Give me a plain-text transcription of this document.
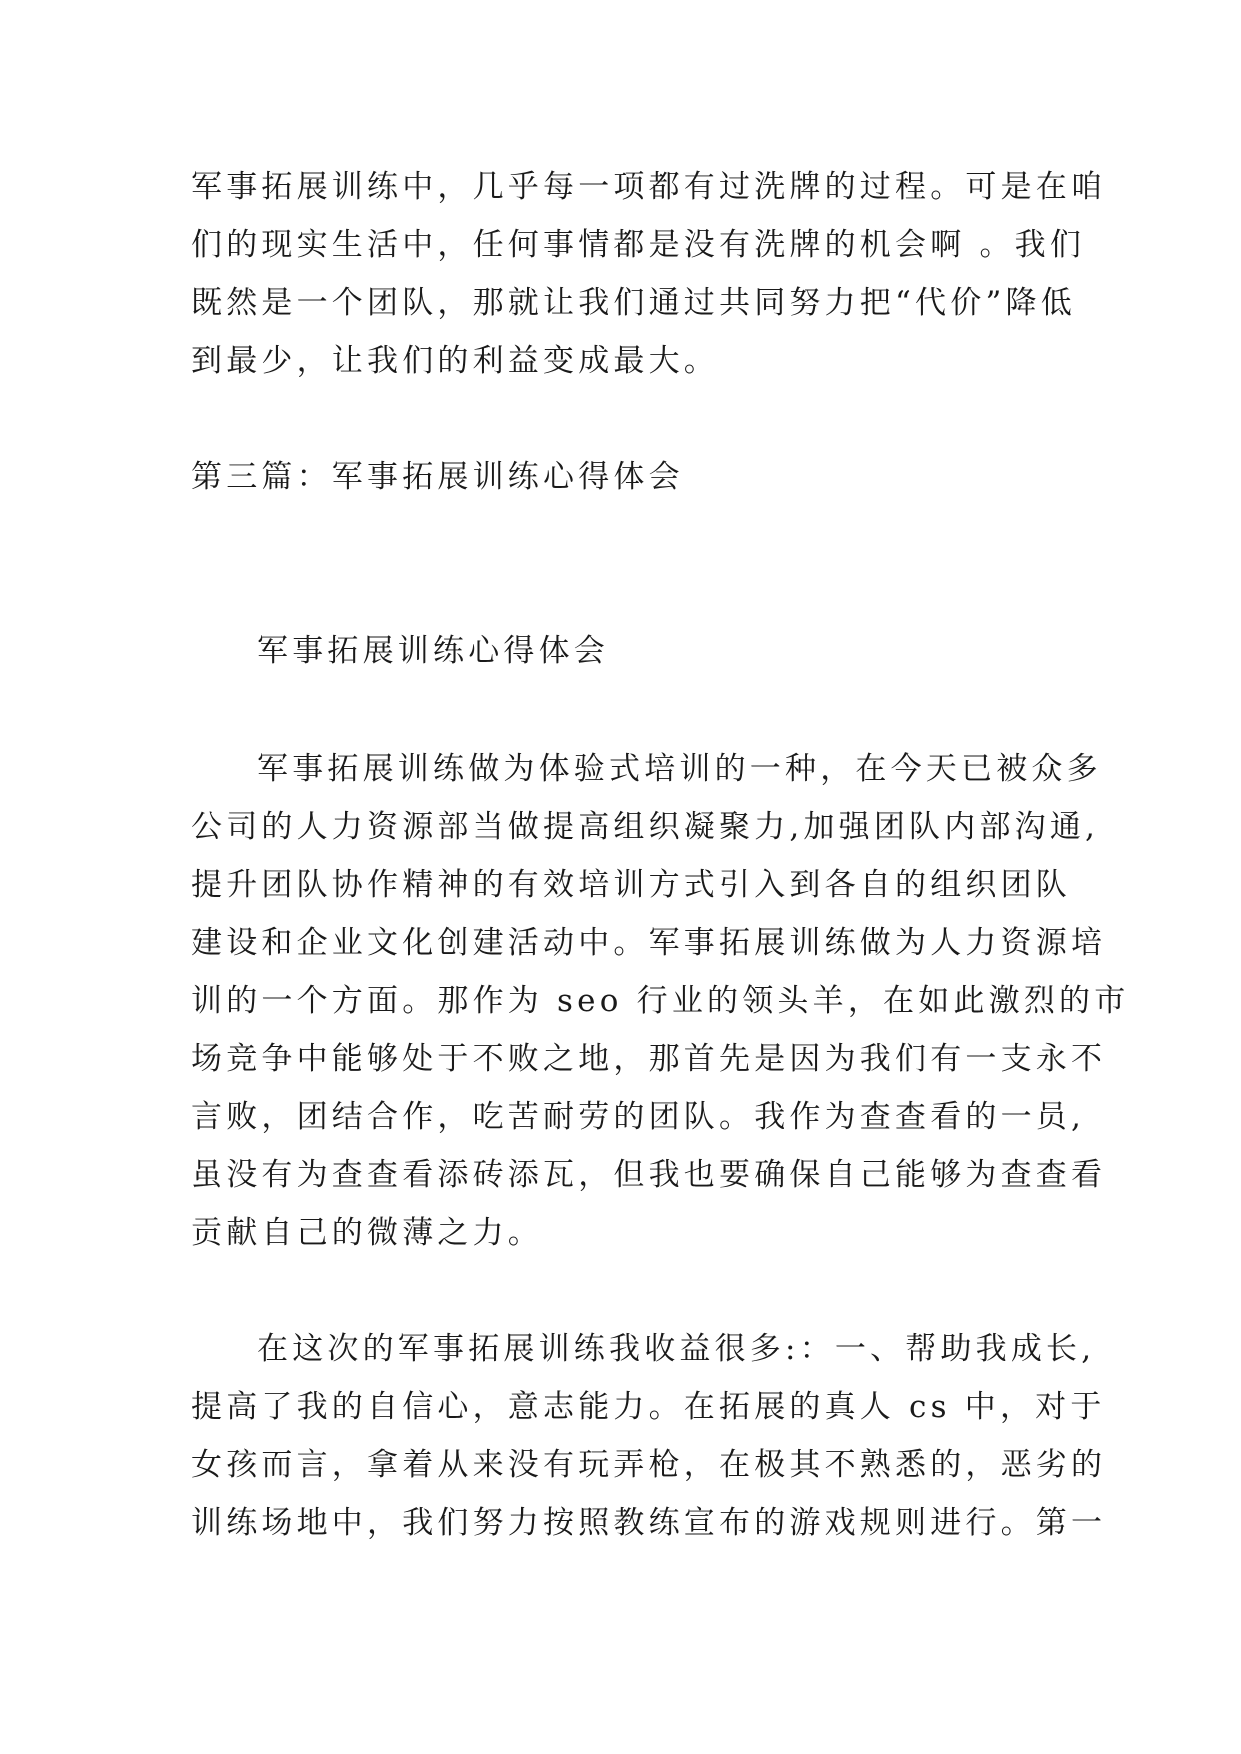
军事拓展训练中，几乎每一项都有过洗牌的过程。可是在咱
们的现实生活中，任何事情都是没有洗牌的机会啊 。我们
既然是一个团队，那就让我们通过共同努力把“代价”降低
到最少，让我们的利益变成最大。
第三篇：军事拓展训练心得体会
军事拓展训练心得体会
军事拓展训练做为体验式培训的一种，在今天已被众多
公司的人力资源部当做提高组织凝聚力,加强团队内部沟通,
提升团队协作精神的有效培训方式引入到各自的组织团队
建设和企业文化创建活动中。军事拓展训练做为人力资源培
训的一个方面。那作为 seo 行业的领头羊，在如此激烈的市
场竞争中能够处于不败之地，那首先是因为我们有一支永不
言败，团结合作，吃苦耐劳的团队。我作为查查看的一员,
虽没有为查查看添砖添瓦，但我也要确保自己能够为查查看
贡献自己的微薄之力。
在这次的军事拓展训练我收益很多:：一、帮助我成长,
提高了我的自信心，意志能力。在拓展的真人 cs 中，对于
女孩而言，拿着从来没有玩弄枪，在极其不熟悉的，恶劣的
训练场地中，我们努力按照教练宣布的游戏规则进行。第一
